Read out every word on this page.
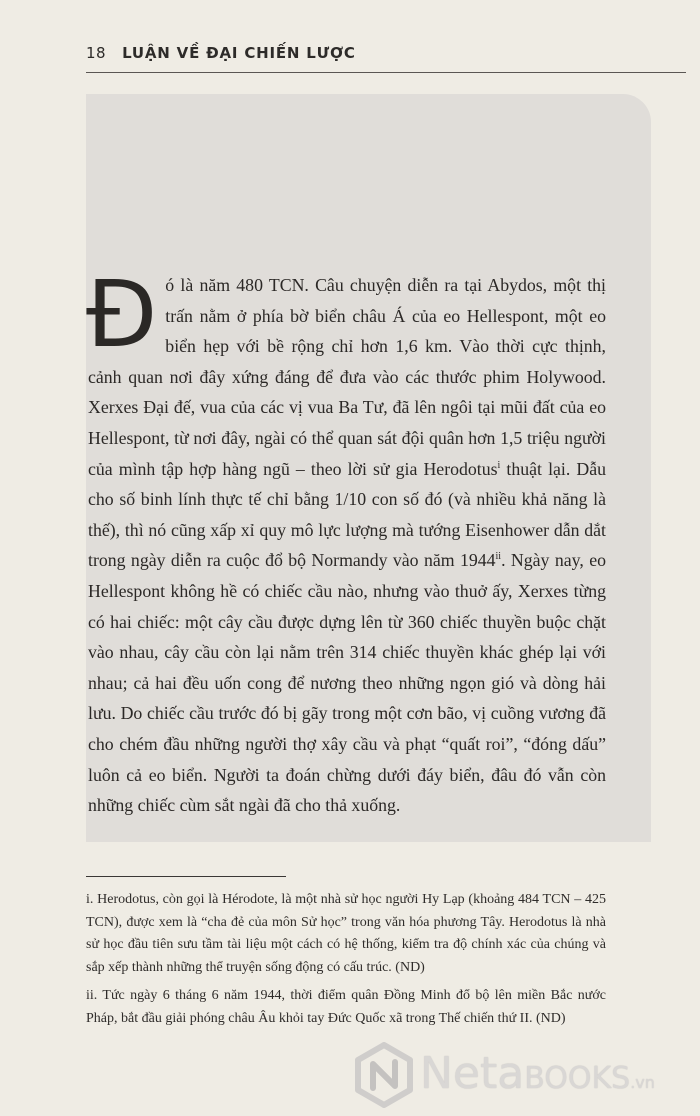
18 LUẬN VỀ ĐẠI CHIẾN LƯỢC

Đó là năm 480 TCN. Câu chuyện diễn ra tại Abydos, một thị trấn nằm ở phía bờ biển châu Á của eo Hellespont, một eo biển hẹp với bề rộng chỉ hơn 1,6 km. Vào thời cực thịnh, cảnh quan nơi đây xứng đáng để đưa vào các thước phim Holywood. Xerxes Đại đế, vua của các vị vua Ba Tư, đã lên ngôi tại mũi đất của eo Hellespont, từ nơi đây, ngài có thể quan sát đội quân hơn 1,5 triệu người của mình tập hợp hàng ngũ – theo lời sử gia Herodotus$^i$ thuật lại. Dẫu cho số binh lính thực tế chỉ bằng 1/10 con số đó (và nhiều khả năng là thế), thì nó cũng xấp xỉ quy mô lực lượng mà tướng Eisenhower dẫn dắt trong ngày diễn ra cuộc đổ bộ Normandy vào năm 1944$^{ii}$. Ngày nay, eo Hellespont không hề có chiếc cầu nào, nhưng vào thuở ấy, Xerxes từng có hai chiếc: một cây cầu được dựng lên từ 360 chiếc thuyền buộc chặt vào nhau, cây cầu còn lại nằm trên 314 chiếc thuyền khác ghép lại với nhau; cả hai đều uốn cong để nương theo những ngọn gió và dòng hải lưu. Do chiếc cầu trước đó bị gãy trong một cơn bão, vị cuồng vương đã cho chém đầu những người thợ xây cầu và phạt “quất roi”, “đóng dấu” luôn cả eo biển. Người ta đoán chừng dưới đáy biển, đâu đó vẫn còn những chiếc cùm sắt ngài đã cho thả xuống.

i. Herodotus, còn gọi là Hérodote, là một nhà sử học người Hy Lạp (khoảng 484 TCN – 425 TCN), được xem là “cha đẻ của môn Sử học” trong văn hóa phương Tây. Herodotus là nhà sử học đầu tiên sưu tầm tài liệu một cách có hệ thống, kiểm tra độ chính xác của chúng và sắp xếp thành những thể truyện sống động có cấu trúc. (ND)

ii. Tức ngày 6 tháng 6 năm 1944, thời điểm quân Đồng Minh đổ bộ lên miền Bắc nước Pháp, bắt đầu giải phóng châu Âu khỏi tay Đức Quốc xã trong Thế chiến thứ II. (ND)

NetaBOOKS.vn
